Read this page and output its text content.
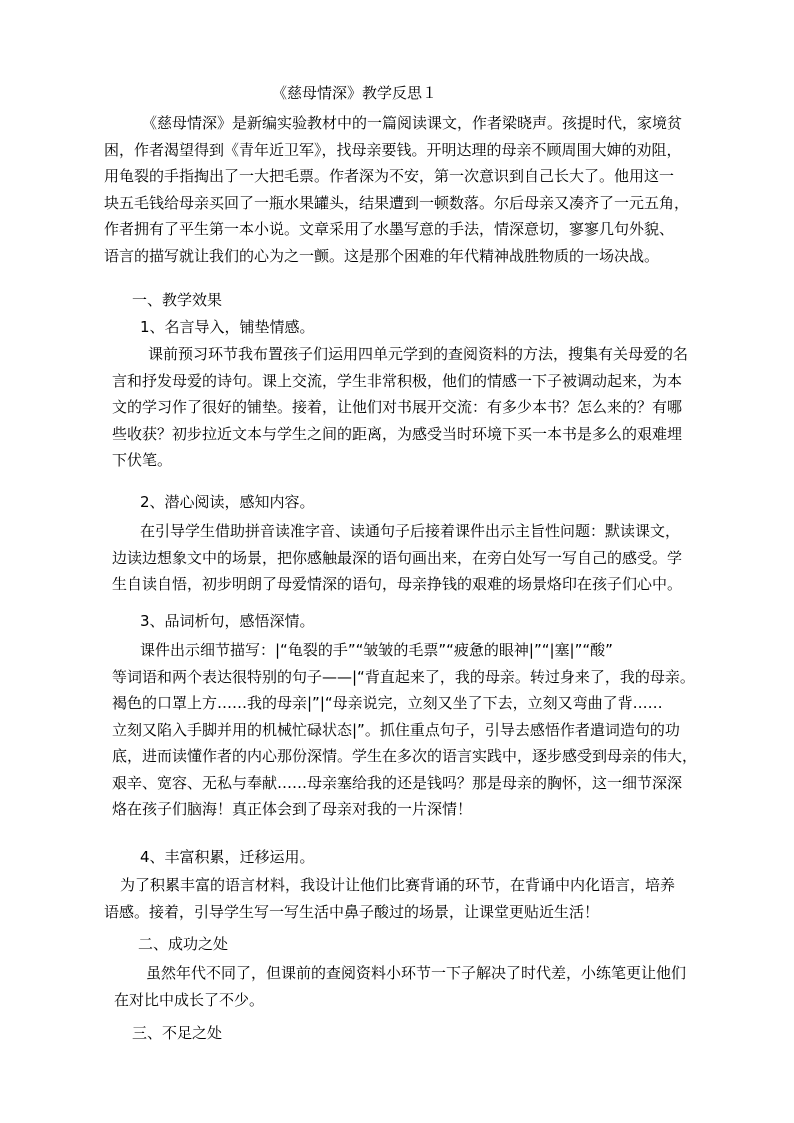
《慈母情深》教学反思１
《慈母情深》是新编实验教材中的一篇阅读课文，作者梁晓声。孩提时代，家境贫
困，作者渴望得到《青年近卫军》，找母亲要钱。开明达理的母亲不顾周围大婶的劝阻，
用龟裂的手指掏出了一大把毛票。作者深为不安，第一次意识到自己长大了。他用这一
块五毛钱给母亲买回了一瓶水果罐头，结果遭到一顿数落。尔后母亲又凑齐了一元五角，
作者拥有了平生第一本小说。文章采用了水墨写意的手法，情深意切，寥寥几句外貌、
语言的描写就让我们的心为之一颤。这是那个困难的年代精神战胜物质的一场决战。
一、教学效果
1、名言导入，铺垫情感。
课前预习环节我布置孩子们运用四单元学到的查阅资料的方法，搜集有关母爱的名
言和抒发母爱的诗句。课上交流，学生非常积极，他们的情感一下子被调动起来，为本
文的学习作了很好的铺垫。接着，让他们对书展开交流：有多少本书？怎么来的？有哪
些收获？初步拉近文本与学生之间的距离，为感受当时环境下买一本书是多么的艰难埋
下伏笔。
2、潜心阅读，感知内容。
在引导学生借助拼音读准字音、读通句子后接着课件出示主旨性问题：默读课文，
边读边想象文中的场景，把你感触最深的语句画出来，在旁白处写一写自己的感受。学
生自读自悟，初步明朗了母爱情深的语句，母亲挣钱的艰难的场景烙印在孩子们心中。
3、品词析句，感悟深情。
课件出示细节描写：|“龟裂的手”“皱皱的毛票”“疲惫的眼神|”“|塞|”“酸”
等词语和两个表达很特别的句子——|“背直起来了，我的母亲。转过身来了，我的母亲。
褐色的口罩上方……我的母亲|”|“母亲说完，立刻又坐了下去，立刻又弯曲了背……
立刻又陷入手脚并用的机械忙碌状态|”。抓住重点句子，引导去感悟作者遣词造句的功
底，进而读懂作者的内心那份深情。学生在多次的语言实践中，逐步感受到母亲的伟大，
艰辛、宽容、无私与奉献……母亲塞给我的还是钱吗？那是母亲的胸怀，这一细节深深
烙在孩子们脑海！真正体会到了母亲对我的一片深情！
4、丰富积累，迁移运用。
为了积累丰富的语言材料，我设计让他们比赛背诵的环节，在背诵中内化语言，培养
语感。接着，引导学生写一写生活中鼻子酸过的场景，让课堂更贴近生活！
二、成功之处
虽然年代不同了，但课前的查阅资料小环节一下子解决了时代差，小练笔更让他们
在对比中成长了不少。
三、不足之处
